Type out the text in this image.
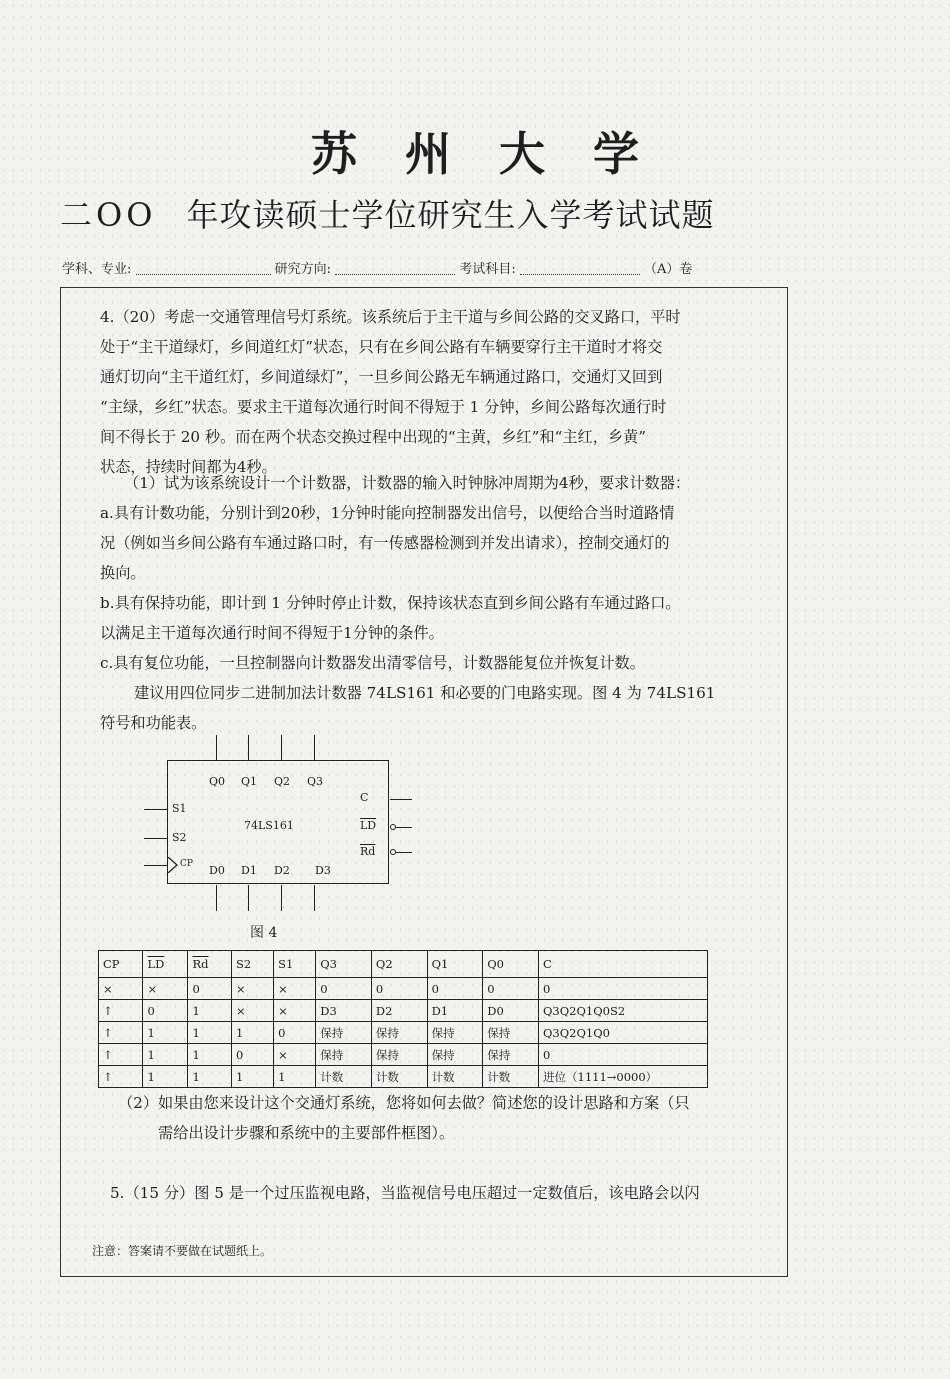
苏州大学
二OO 年攻读硕士学位研究生入学考试试题
学科、专业:	研究方向:	考试科目:	（A）卷
4.（20）考虑一交通管理信号灯系统。该系统后于主干道与乡间公路的交叉路口，平时
处于“主干道绿灯，乡间道红灯”状态，只有在乡间公路有车辆要穿行主干道时才将交
通灯切向“主干道红灯，乡间道绿灯”，一旦乡间公路无车辆通过路口，交通灯又回到
“主绿，乡红”状态。要求主干道每次通行时间不得短于 1 分钟，乡间公路每次通行时
间不得长于 20 秒。而在两个状态交换过程中出现的“主黄，乡红”和“主红，乡黄”
状态，持续时间都为4秒。
（1）试为该系统设计一个计数器，计数器的输入时钟脉冲周期为4秒，要求计数器：
a.具有计数功能，分别计到20秒，1分钟时能向控制器发出信号，以便给合当时道路情
况（例如当乡间公路有车通过路口时，有一传感器检测到并发出请求），控制交通灯的
换向。
b.具有保持功能，即计到 1 分钟时停止计数，保持该状态直到乡间公路有车通过路口。
以满足主干道每次通行时间不得短于1分钟的条件。
c.具有复位功能，一旦控制器向计数器发出清零信号，计数器能复位并恢复计数。
建议用四位同步二进制加法计数器 74LS161 和必要的门电路实现。图 4 为 74LS161
符号和功能表。
Q0 Q1 Q2 Q3
D0 D1 D2 D3
S1
S2
CP
C
$\overline{LD}$
$\overline{Rd}$
74LS161
图 4
CP	$\overline{LD}$	$\overline{Rd}$	S2	S1	Q3	Q2	Q1	Q0	C
×	×	0	×	×	0	0	0	0	0
↑	0	1	×	×	D3	D2	D1	D0	Q3Q2Q1Q0S2
↑	1	1	1	0	保持	保持	保持	保持	Q3Q2Q1Q0
↑	1	1	0	×	保持	保持	保持	保持	0
↑	1	1	1	1	计数	计数	计数	计数	进位（1111→0000）
（2）如果由您来设计这个交通灯系统，您将如何去做？简述您的设计思路和方案（只
需给出设计步骤和系统中的主要部件框图）。
5.（15 分）图 5 是一个过压监视电路，当监视信号电压超过一定数值后，该电路会以闪
注意：答案请不要做在试题纸上。
